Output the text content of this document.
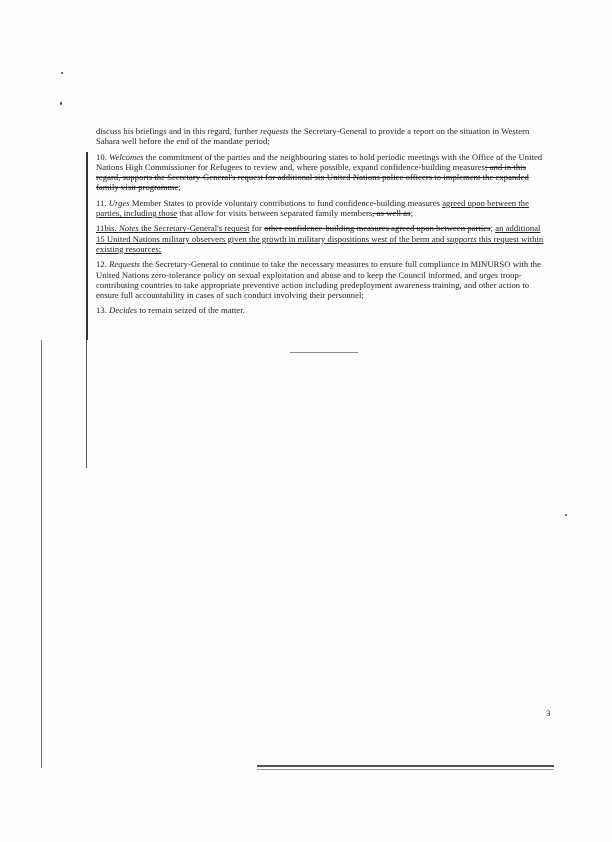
discuss his briefings and in this regard, further requests the Secretary-General to provide a report on the situation in Western Sahara well before the end of the mandate period;

10. Welcomes the commitment of the parties and the neighbouring states to hold periodic meetings with the Office of the United Nations High Commissioner for Refugees to review and, where possible, expand confidence-building measures; and in this regard, supports the Secretary-General's request for additional six United Nations police officers to implement the expanded family visit programme;

11. Urges Member States to provide voluntary contributions to fund confidence-building measures agreed upon between the parties, including those that allow for visits between separated family members, as well as;

11bis. Notes the Secretary-General's request for other confidence-building measures agreed upon between parties; an additional 15 United Nations military observers given the growth in military dispositions west of the berm and supports this request within existing resources;

12. Requests the Secretary-General to continue to take the necessary measures to ensure full compliance in MINURSO with the United Nations zero-tolerance policy on sexual exploitation and abuse and to keep the Council informed, and urges troop-contributing countries to take appropriate preventive action including predeployment awareness training, and other action to ensure full accountability in cases of such conduct involving their personnel;

13. Decides to remain seized of the matter.

3
